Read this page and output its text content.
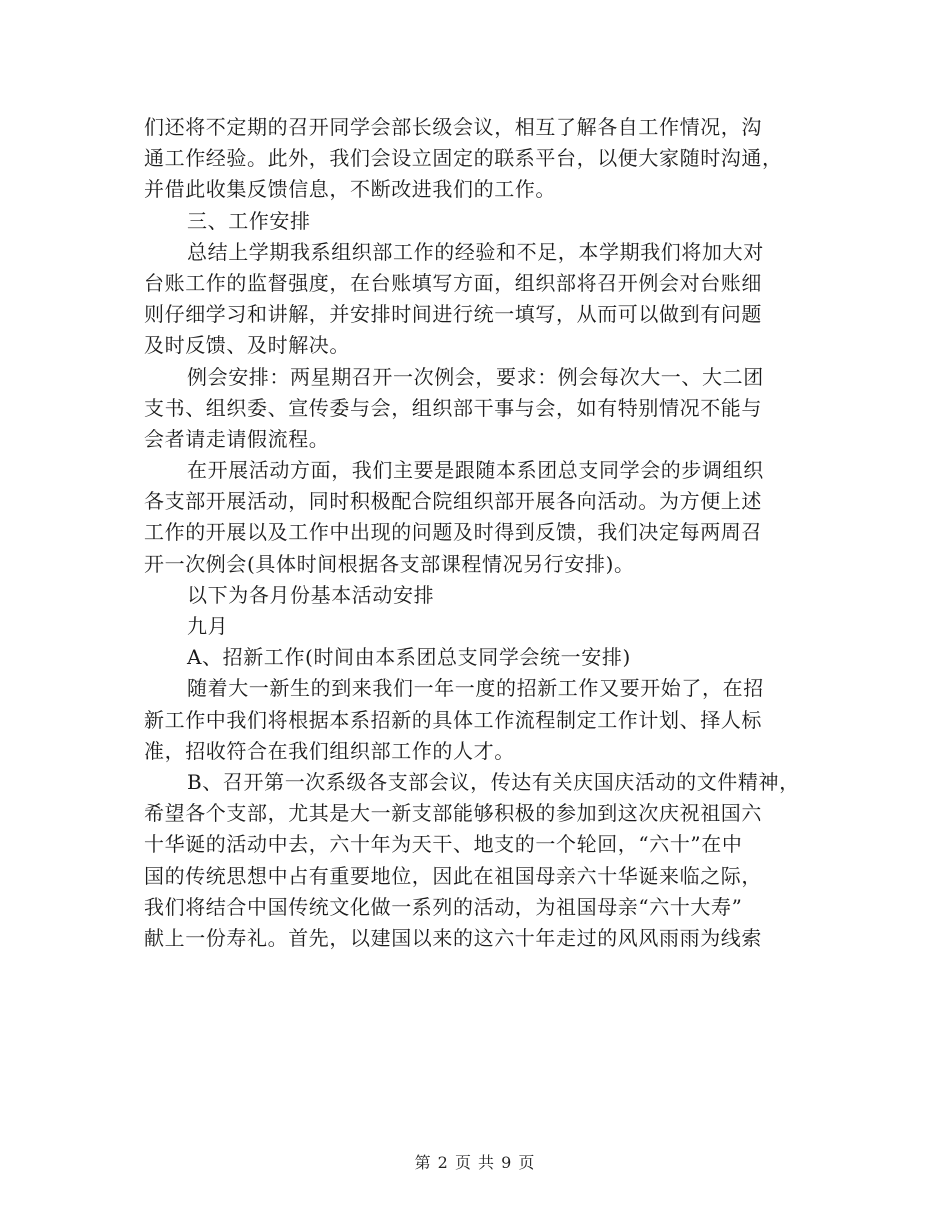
们还将不定期的召开同学会部长级会议，相互了解各自工作情况，沟
通工作经验。此外，我们会设立固定的联系平台，以便大家随时沟通，
并借此收集反馈信息，不断改进我们的工作。
三、工作安排
总结上学期我系组织部工作的经验和不足，本学期我们将加大对
台账工作的监督强度，在台账填写方面，组织部将召开例会对台账细
则仔细学习和讲解，并安排时间进行统一填写，从而可以做到有问题
及时反馈、及时解决。
例会安排：两星期召开一次例会，要求：例会每次大一、大二团
支书、组织委、宣传委与会，组织部干事与会，如有特别情况不能与
会者请走请假流程。
在开展活动方面，我们主要是跟随本系团总支同学会的步调组织
各支部开展活动，同时积极配合院组织部开展各向活动。为方便上述
工作的开展以及工作中出现的问题及时得到反馈，我们决定每两周召
开一次例会(具体时间根据各支部课程情况另行安排)。
以下为各月份基本活动安排
九月
A、招新工作(时间由本系团总支同学会统一安排)
随着大一新生的到来我们一年一度的招新工作又要开始了，在招
新工作中我们将根据本系招新的具体工作流程制定工作计划、择人标
准，招收符合在我们组织部工作的人才。
B、召开第一次系级各支部会议，传达有关庆国庆活动的文件精神，
希望各个支部，尤其是大一新支部能够积极的参加到这次庆祝祖国六
十华诞的活动中去，六十年为天干、地支的一个轮回，“六十”在中
国的传统思想中占有重要地位，因此在祖国母亲六十华诞来临之际，
我们将结合中国传统文化做一系列的活动，为祖国母亲“六十大寿”
献上一份寿礼。首先，以建国以来的这六十年走过的风风雨雨为线索
第 2 页 共 9 页
